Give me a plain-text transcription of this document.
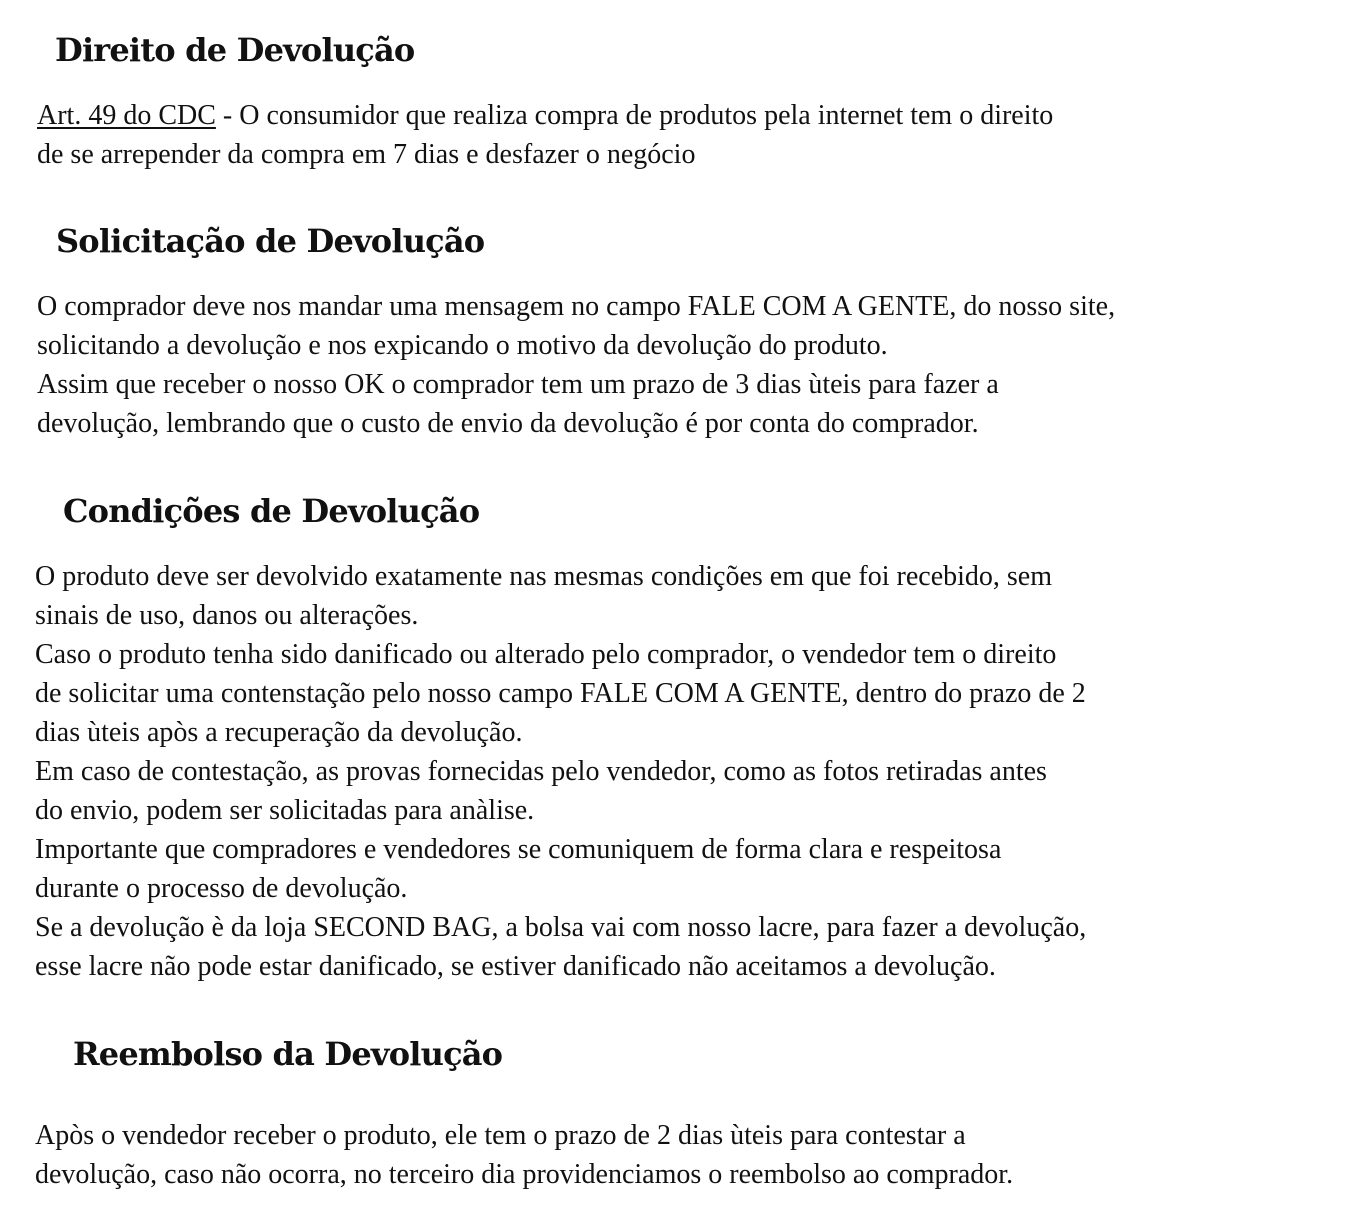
Direito de Devolução

Art. 49 do CDC - O consumidor que realiza compra de produtos pela internet tem o direito
de se arrepender da compra em 7 dias e desfazer o negócio

Solicitação de Devolução

O comprador deve nos mandar uma mensagem no campo FALE COM A GENTE, do nosso site,
solicitando a devolução e nos expicando o motivo da devolução do produto.
Assim que receber o nosso OK o comprador tem um prazo de 3 dias ùteis para fazer a
devolução, lembrando que o custo de envio da devolução é por conta do comprador.

Condições de Devolução

O produto deve ser devolvido exatamente nas mesmas condições em que foi recebido, sem
sinais de uso, danos ou alterações.
Caso o produto tenha sido danificado ou alterado pelo comprador, o vendedor tem o direito
de solicitar uma contenstação pelo nosso campo FALE COM A GENTE, dentro do prazo de 2
dias ùteis apòs a recuperação da devolução.
Em caso de contestação, as provas fornecidas pelo vendedor, como as fotos retiradas antes
do envio, podem ser solicitadas para anàlise.
Importante que compradores e vendedores se comuniquem de forma clara e respeitosa
durante o processo de devolução.
Se a devolução è da loja SECOND BAG, a bolsa vai com nosso lacre, para fazer a devolução,
esse lacre não pode estar danificado, se estiver danificado não aceitamos a devolução.

Reembolso da Devolução

Apòs o vendedor receber o produto, ele tem o prazo de 2 dias ùteis para contestar a
devolução, caso não ocorra, no terceiro dia providenciamos o reembolso ao comprador.
